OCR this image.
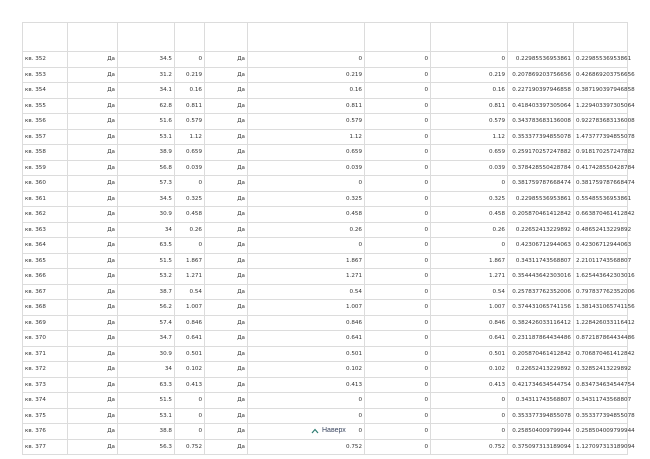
кв. 352	Да	34.5	0	Да	0	0	0	0.22985536953861	0.22985536953861
кв. 353	Да	31.2	0.219	Да	0.219	0	0.219	0.207869203756656	0.426869203756656
кв. 354	Да	34.1	0.16	Да	0.16	0	0.16	0.227190397946858	0.387190397946858
кв. 355	Да	62.8	0.811	Да	0.811	0	0.811	0.418403397305064	1.229403397305064
кв. 356	Да	51.6	0.579	Да	0.579	0	0.579	0.343783683136008	0.922783683136008
кв. 357	Да	53.1	1.12	Да	1.12	0	1.12	0.353377394855078	1.473777394855078
кв. 358	Да	38.9	0.659	Да	0.659	0	0.659	0.259170257247882	0.918170257247882
кв. 359	Да	56.8	0.039	Да	0.039	0	0.039	0.378428550428784	0.417428550428784
кв. 360	Да	57.3	0	Да	0	0	0	0.381759787668474	0.381759787668474
кв. 361	Да	34.5	0.325	Да	0.325	0	0.325	0.22985536953861	0.55485536953861
кв. 362	Да	30.9	0.458	Да	0.458	0	0.458	0.205870461412842	0.663870461412842
кв. 363	Да	34	0.26	Да	0.26	0	0.26	0.22652413229892	0.48652413229892
кв. 364	Да	63.5	0	Да	0	0	0	0.42306712944063	0.42306712944063
кв. 365	Да	51.5	1.867	Да	1.867	0	1.867	0.34311743568807	2.21011743568807
кв. 366	Да	53.2	1.271	Да	1.271	0	1.271	0.354443642303016	1.625443642303016
кв. 367	Да	38.7	0.54	Да	0.54	0	0.54	0.257837762352006	0.797837762352006
кв. 368	Да	56.2	1.007	Да	1.007	0	1.007	0.374431065741156	1.381431065741156
кв. 369	Да	57.4	0.846	Да	0.846	0	0.846	0.382426033116412	1.228426033116412
кв. 370	Да	34.7	0.641	Да	0.641	0	0.641	0.231187864434486	0.872187864434486
кв. 371	Да	30.9	0.501	Да	0.501	0	0.501	0.205870461412842	0.706870461412842
кв. 372	Да	34	0.102	Да	0.102	0	0.102	0.22652413229892	0.32852413229892
кв. 373	Да	63.3	0.413	Да	0.413	0	0.413	0.421734634544754	0.834734634544754
кв. 374	Да	51.5	0	Да	0	0	0	0.34311743568807	0.34311743568807
кв. 375	Да	53.1	0	Да	0	0	0	0.353377394855078	0.353377394855078
кв. 376	Да	38.8	0	Да	0	0	0	0.258504009799944	0.258504009799944
кв. 377	Да	56.3	0.752	Да	0.752	0	0.752	0.375097313189094	1.127097313189094
Наверх
